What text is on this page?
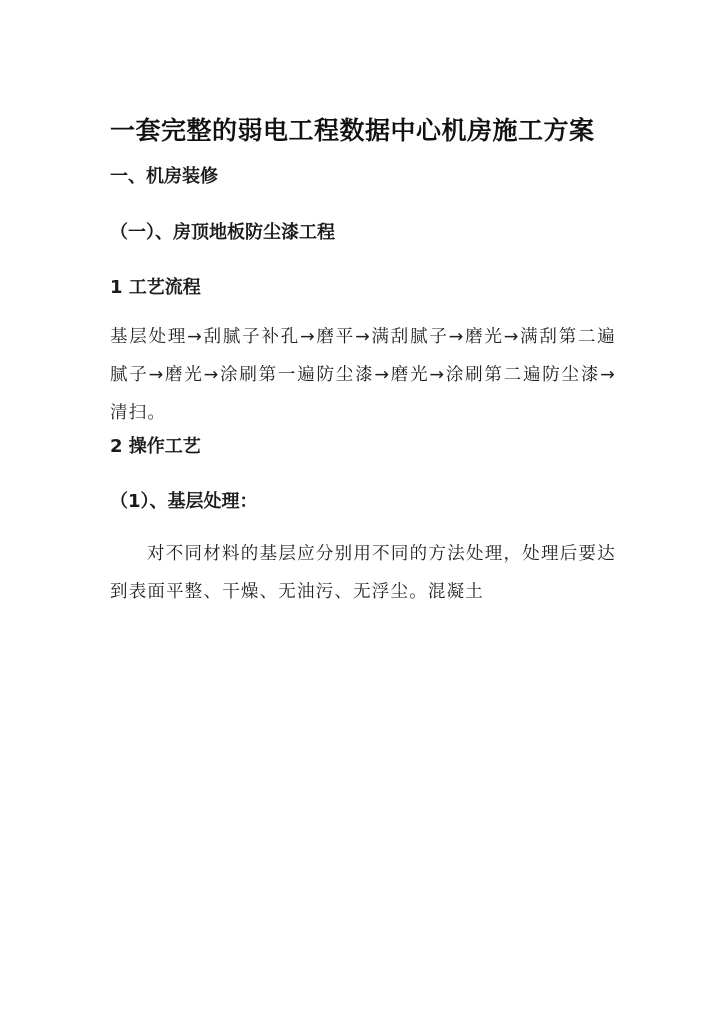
一套完整的弱电工程数据中心机房施工方案
一、机房装修
（一）、房顶地板防尘漆工程
1 工艺流程

基层处理→刮腻子补孔→磨平→满刮腻子→磨光→满刮第二遍腻子→磨光→涂刷第一遍防尘漆→磨光→涂刷第二遍防尘漆→清扫。

2 操作工艺
（1）、基层处理：

对不同材料的基层应分别用不同的方法处理，处理后要达到表面平整、干燥、无油污、无浮尘。混凝土
